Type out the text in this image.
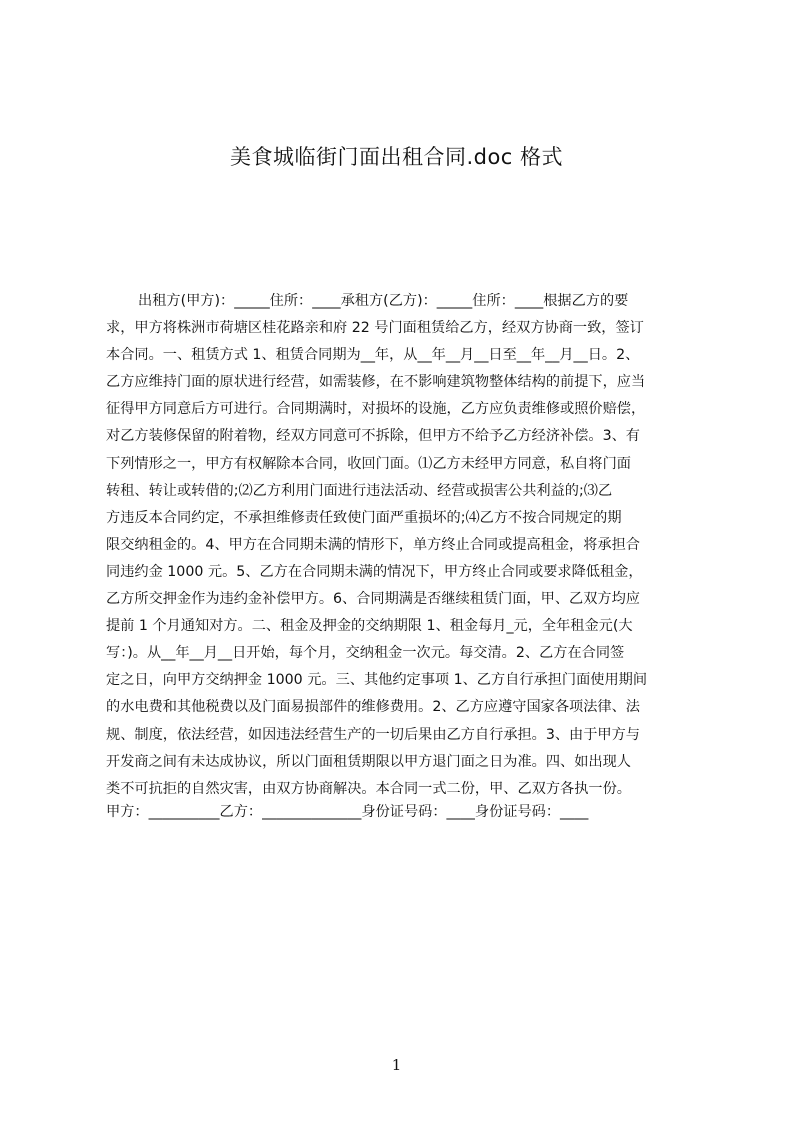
美食城临街门面出租合同.doc 格式
出租方(甲方)：_____住所：____承租方(乙方)：_____住所：____根据乙方的要
求，甲方将株洲市荷塘区桂花路亲和府 22 号门面租赁给乙方，经双方协商一致，签订
本合同。一、租赁方式 1、租赁合同期为__年，从__年__月__日至__年__月__日。2、
乙方应维持门面的原状进行经营，如需装修，在不影响建筑物整体结构的前提下，应当
征得甲方同意后方可进行。合同期满时，对损坏的设施，乙方应负责维修或照价赔偿，
对乙方装修保留的附着物，经双方同意可不拆除，但甲方不给予乙方经济补偿。3、有
下列情形之一，甲方有权解除本合同，收回门面。⑴乙方未经甲方同意，私自将门面
转租、转让或转借的;⑵乙方利用门面进行违法活动、经营或损害公共利益的;⑶乙
方违反本合同约定，不承担维修责任致使门面严重损坏的;⑷乙方不按合同规定的期
限交纳租金的。4、甲方在合同期未满的情形下，单方终止合同或提高租金，将承担合
同违约金 1000 元。5、乙方在合同期未满的情况下，甲方终止合同或要求降低租金，
乙方所交押金作为违约金补偿甲方。6、合同期满是否继续租赁门面，甲、乙双方均应
提前 1 个月通知对方。二、租金及押金的交纳期限 1、租金每月_元，全年租金元(大
写：)。从__年__月__日开始，每个月，交纳租金一次元。每交清。2、乙方在合同签
定之日，向甲方交纳押金 1000 元。三、其他约定事项 1、乙方自行承担门面使用期间
的水电费和其他税费以及门面易损部件的维修费用。2、乙方应遵守国家各项法律、法
规、制度，依法经营，如因违法经营生产的一切后果由乙方自行承担。3、由于甲方与
开发商之间有未达成协议，所以门面租赁期限以甲方退门面之日为准。四、如出现人
类不可抗拒的自然灾害，由双方协商解决。本合同一式二份，甲、乙双方各执一份。
甲方：__________乙方：______________身份证号码：____身份证号码：____
1
